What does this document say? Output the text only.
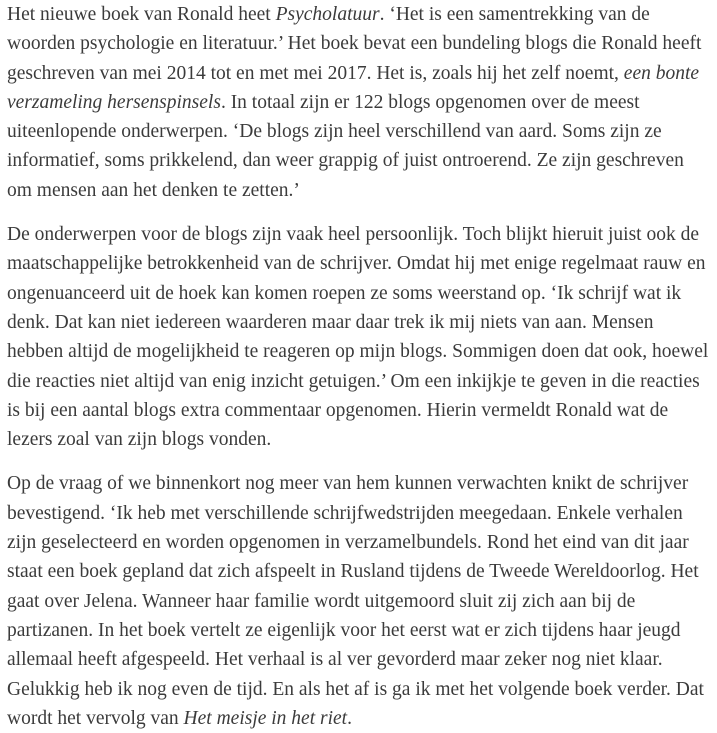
Het nieuwe boek van Ronald heet Psycholatuur. ‘Het is een samentrekking van de woorden psychologie en literatuur.’ Het boek bevat een bundeling blogs die Ronald heeft geschreven van mei 2014 tot en met mei 2017. Het is, zoals hij het zelf noemt, een bonte verzameling hersenspinsels. In totaal zijn er 122 blogs opgenomen over de meest uiteenlopende onderwerpen. ‘De blogs zijn heel verschillend van aard. Soms zijn ze informatief, soms prikkelend, dan weer grappig of juist ontroerend. Ze zijn geschreven om mensen aan het denken te zetten.’

De onderwerpen voor de blogs zijn vaak heel persoonlijk. Toch blijkt hieruit juist ook de maatschappelijke betrokkenheid van de schrijver. Omdat hij met enige regelmaat rauw en ongenuanceerd uit de hoek kan komen roepen ze soms weerstand op. ‘Ik schrijf wat ik denk. Dat kan niet iedereen waarderen maar daar trek ik mij niets van aan. Mensen hebben altijd de mogelijkheid te reageren op mijn blogs. Sommigen doen dat ook, hoewel die reacties niet altijd van enig inzicht getuigen.’ Om een inkijkje te geven in die reacties is bij een aantal blogs extra commentaar opgenomen. Hierin vermeldt Ronald wat de lezers zoal van zijn blogs vonden.

Op de vraag of we binnenkort nog meer van hem kunnen verwachten knikt de schrijver bevestigend. ‘Ik heb met verschillende schrijfwedstrijden meegedaan. Enkele verhalen zijn geselecteerd en worden opgenomen in verzamelbundels. Rond het eind van dit jaar staat een boek gepland dat zich afspeelt in Rusland tijdens de Tweede Wereldoorlog. Het gaat over Jelena. Wanneer haar familie wordt uitgemoord sluit zij zich aan bij de partizanen. In het boek vertelt ze eigenlijk voor het eerst wat er zich tijdens haar jeugd allemaal heeft afgespeeld. Het verhaal is al ver gevorderd maar zeker nog niet klaar. Gelukkig heb ik nog even de tijd. En als het af is ga ik met het volgende boek verder. Dat wordt het vervolg van Het meisje in het riet.
